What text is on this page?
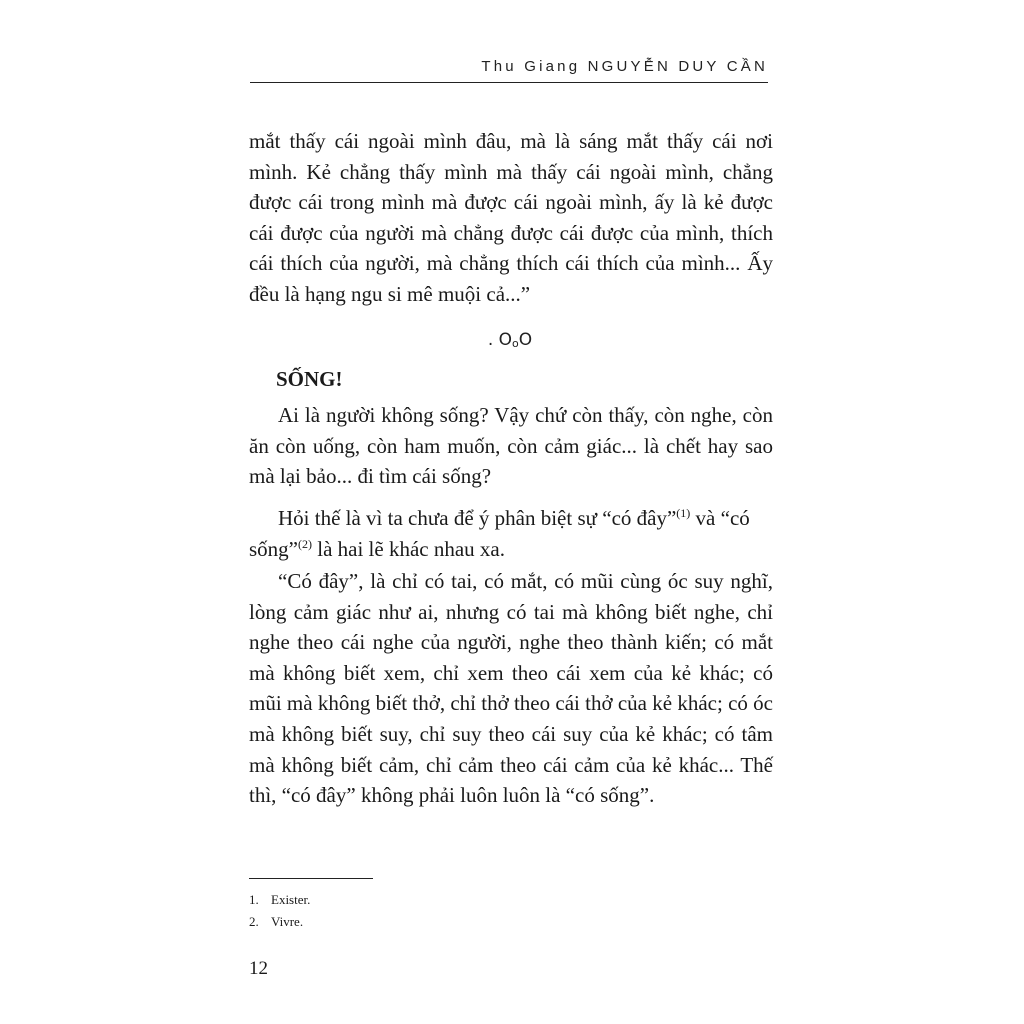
Thu Giang NGUYỄN DUY CẦN

mắt thấy cái ngoài mình đâu, mà là sáng mắt thấy cái nơi mình. Kẻ chẳng thấy mình mà thấy cái ngoài mình, chẳng được cái trong mình mà được cái ngoài mình, ấy là kẻ được cái được của người mà chẳng được cái được của mình, thích cái thích của người, mà chẳng thích cái thích của mình... Ấy đều là hạng ngu si mê muội cả...”

. OoO
SỐNG!

Ai là người không sống? Vậy chứ còn thấy, còn nghe, còn ăn còn uống, còn ham muốn, còn cảm giác... là chết hay sao mà lại bảo... đi tìm cái sống?

Hỏi thế là vì ta chưa để ý phân biệt sự “có đây”$^{(1)}$ và “có sống”$^{(2)}$ là hai lẽ khác nhau xa.

“Có đây”, là chỉ có tai, có mắt, có mũi cùng óc suy nghĩ, lòng cảm giác như ai, nhưng có tai mà không biết nghe, chỉ nghe theo cái nghe của người, nghe theo thành kiến; có mắt mà không biết xem, chỉ xem theo cái xem của kẻ khác; có mũi mà không biết thở, chỉ thở theo cái thở của kẻ khác; có óc mà không biết suy, chỉ suy theo cái suy của kẻ khác; có tâm mà không biết cảm, chỉ cảm theo cái cảm của kẻ khác... Thế thì, “có đây” không phải luôn luôn là “có sống”.

1. Exister.
2. Vivre.
12
